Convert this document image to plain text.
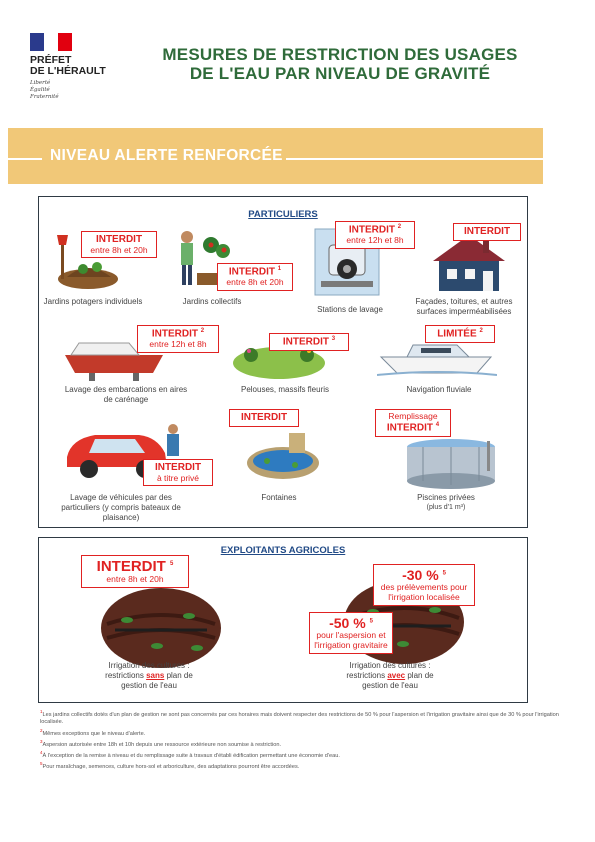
PRÉFET
DE L'HÉRAULT
Liberté
Égalité
Fraternité
MESURES DE RESTRICTION DES USAGES
DE L'EAU PAR NIVEAU DE GRAVITÉ
NIVEAU ALERTE RENFORCÉE
PARTICULIERS
INTERDIT
entre 8h et 20h
Jardins potagers individuels
INTERDIT $^1$
entre 8h et 20h
Jardins collectifs
INTERDIT $^2$
entre 12h et 8h
Stations de lavage
INTERDIT
Façades, toitures, et autres surfaces imperméabilisées
INTERDIT $^2$
entre 12h et 8h
Lavage des embarcations en aires de carénage
INTERDIT $^3$
Pelouses, massifs fleuris
LIMITÉE $^2$
Navigation fluviale
INTERDIT
à titre privé
Lavage de véhicules par des particuliers (y compris bateaux de plaisance)
INTERDIT
Fontaines
Remplissage
INTERDIT $^4$
Piscines privées
(plus d'1 m³)
EXPLOITANTS AGRICOLES
INTERDIT $^5$
entre 8h et 20h
Irrigation des cultures :
restrictions sans plan de
gestion de l'eau
-30 % $^5$
des prélèvements pour
l'irrigation localisée
-50 % $^5$
pour l'aspersion et
l'irrigation gravitaire
Irrigation des cultures :
restrictions avec plan de
gestion de l'eau
$^1$Les jardins collectifs dotés d'un plan de gestion ne sont pas concernés par ces horaires mais doivent respecter des restrictions de 50 % pour l'aspersion et l'irrigation gravitaire ainsi que de 30 % pour l'irrigation localisée.
$^2$Mêmes exceptions que le niveau d'alerte.
$^3$Aspersion autorisée entre 18h et 10h depuis une ressource extérieure non soumise à restriction.
$^4$À l'exception de la remise à niveau et du remplissage suite à travaux d'établi édification permettant une économie d'eau.
$^5$Pour maraîchage, semences, culture hors-sol et arboriculture, des adaptations pourront être accordées.
